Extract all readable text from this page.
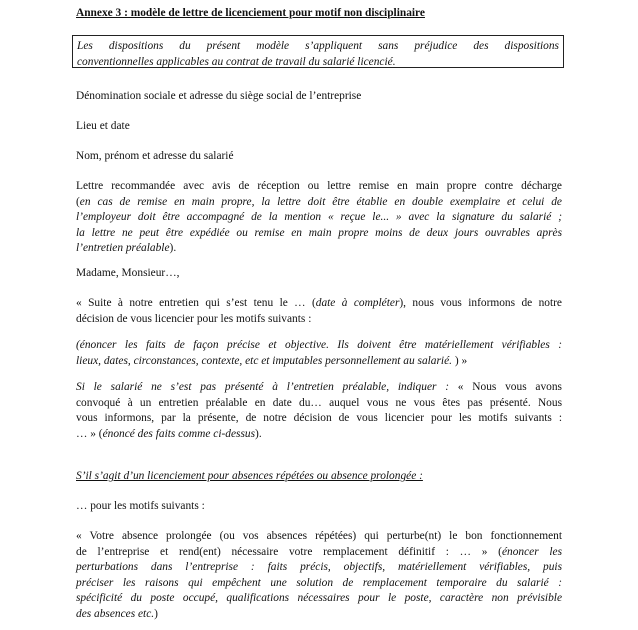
Annexe 3 : modèle de lettre de licenciement pour motif non disciplinaire
Les dispositions du présent modèle s’appliquent sans préjudice des dispositions
conventionnelles applicables au contrat de travail du salarié licencié.
Dénomination sociale et adresse du siège social de l’entreprise
Lieu et date
Nom, prénom et adresse du salarié
Lettre recommandée avec avis de réception ou lettre remise en main propre contre décharge
(en cas de remise en main propre, la lettre doit être établie en double exemplaire et celui de
l’employeur doit être accompagné de la mention « reçue le... » avec la signature du salarié ;
la lettre ne peut être expédiée ou remise en main propre moins de deux jours ouvrables après
l’entretien préalable).
Madame, Monsieur…,
« Suite à notre entretien qui s’est tenu le … (date à compléter), nous vous informons de notre
décision de vous licencier pour les motifs suivants :
(énoncer les faits de façon précise et objective. Ils doivent être matériellement vérifiables :
lieux, dates, circonstances, contexte, etc et imputables personnellement au salarié. ) »
Si le salarié ne s’est pas présenté à l’entretien préalable, indiquer : « Nous vous avons
convoqué à un entretien préalable en date du… auquel vous ne vous êtes pas présenté. Nous
vous informons, par la présente, de notre décision de vous licencier pour les motifs suivants :
… » (énoncé des faits comme ci-dessus).
S’il s’agit d’un licenciement pour absences répétées ou absence prolongée :
… pour les motifs suivants :
« Votre absence prolongée (ou vos absences répétées) qui perturbe(nt) le bon fonctionnement
de l’entreprise et rend(ent) nécessaire votre remplacement définitif : … » (énoncer les
perturbations dans l’entreprise : faits précis, objectifs, matériellement vérifiables, puis
préciser les raisons qui empêchent une solution de remplacement temporaire du salarié :
spécificité du poste occupé, qualifications nécessaires pour le poste, caractère non prévisible
des absences etc.)
